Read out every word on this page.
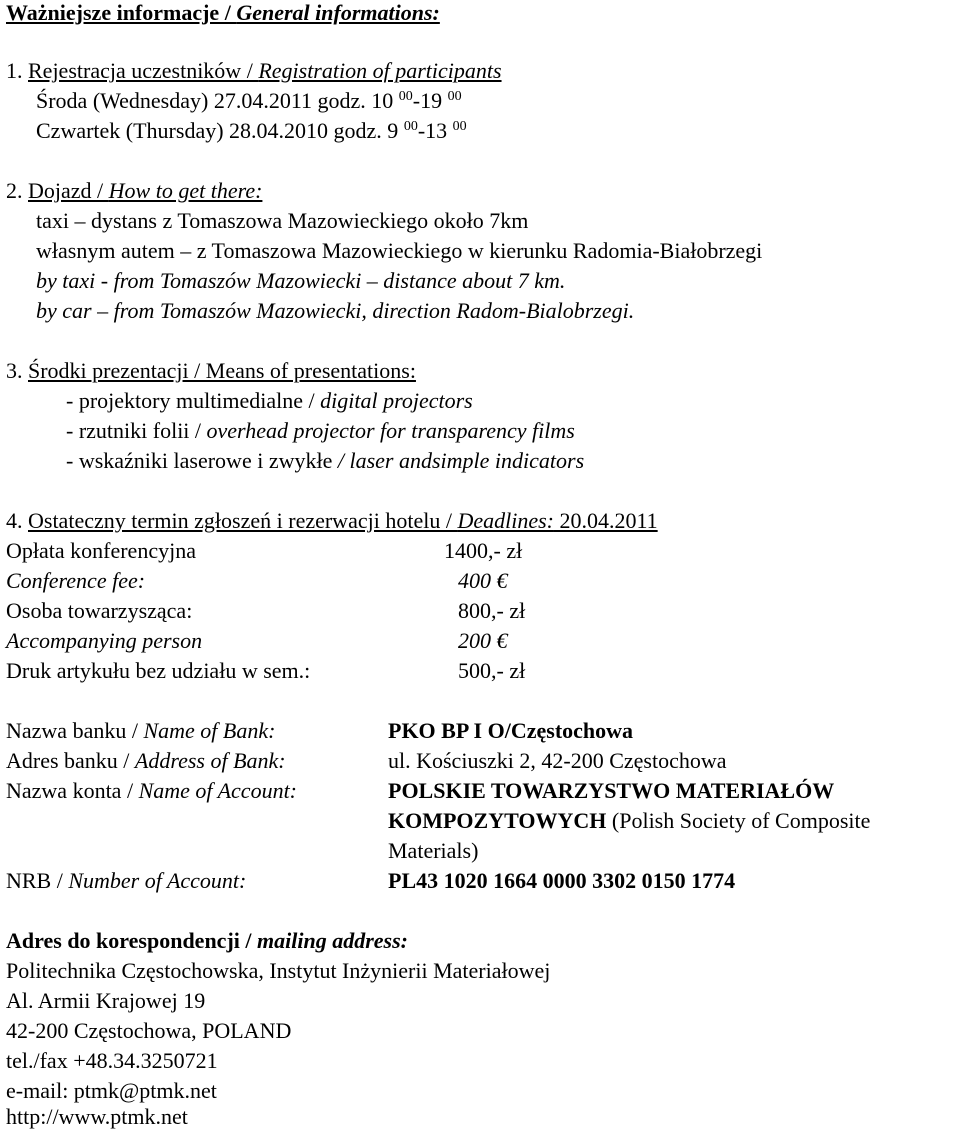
Ważniejsze informacje / General informations:
1. Rejestracja uczestników / Registration of participants
Środa (Wednesday) 27.04.2011 godz. 10 $^{00}$-19 $^{00}$
Czwartek (Thursday) 28.04.2010 godz. 9 $^{00}$-13 $^{00}$
2. Dojazd / How to get there:
taxi – dystans z Tomaszowa Mazowieckiego około 7km
własnym autem – z Tomaszowa Mazowieckiego w kierunku Radomia-Białobrzegi
by taxi - from Tomaszów Mazowiecki – distance about 7 km.
by car – from Tomaszów Mazowiecki, direction Radom-Bialobrzegi.
3. Środki prezentacji / Means of presentations:
- projektory multimedialne / digital projectors
- rzutniki folii / overhead projector for transparency films
- wskaźniki laserowe i zwykłe / laser andsimple indicators
4. Ostateczny termin zgłoszeń i rezerwacji hotelu / Deadlines: 20.04.2011
Opłata konferencyjna	1400,- zł
Conference fee:	400 €
Osoba towarzysząca:	800,- zł
Accompanying person	200 €
Druk artykułu bez udziału w sem.:	500,- zł
Nazwa banku / Name of Bank:	PKO BP I O/Częstochowa
Adres banku / Address of Bank:	ul. Kościuszki 2, 42-200 Częstochowa
Nazwa konta / Name of Account:	POLSKIE TOWARZYSTWO MATERIAŁÓW
KOMPOZYTOWYCH (Polish Society of Composite
Materials)
NRB / Number of Account:	PL43 1020 1664 0000 3302 0150 1774
Adres do korespondencji / mailing address:
Politechnika Częstochowska, Instytut Inżynierii Materiałowej
Al. Armii Krajowej 19
42-200 Częstochowa, POLAND
tel./fax +48.34.3250721
e-mail: ptmk@ptmk.net
http://www.ptmk.net
